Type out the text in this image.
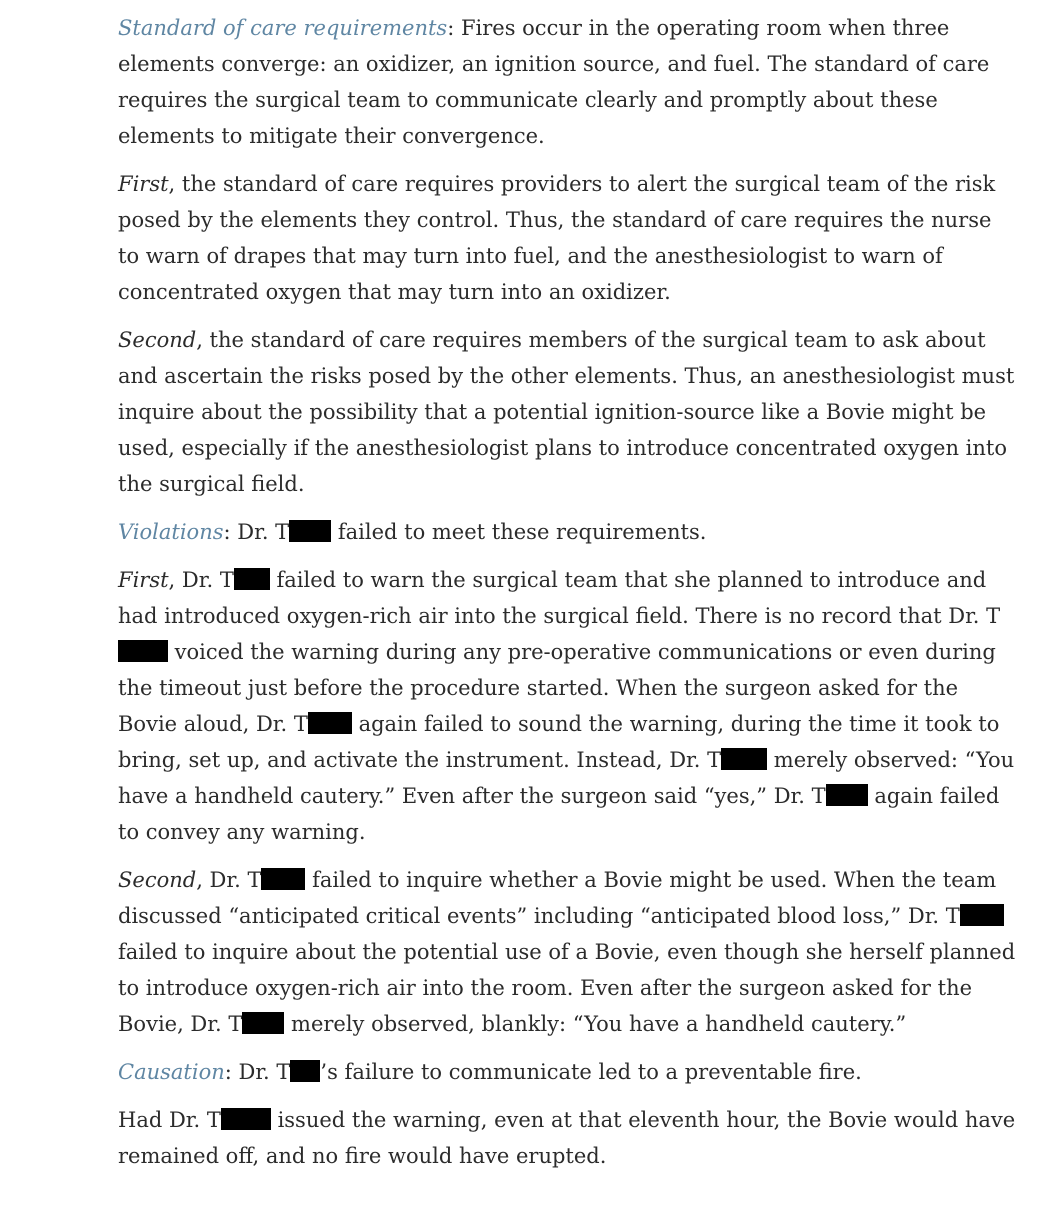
Standard of care requirements: Fires occur in the operating room when three elements converge: an oxidizer, an ignition source, and fuel. The standard of care requires the surgical team to communicate clearly and promptly about these elements to mitigate their convergence.

First, the standard of care requires providers to alert the surgical team of the risk posed by the elements they control. Thus, the standard of care requires the nurse to warn of drapes that may turn into fuel, and the anesthesiologist to warn of concentrated oxygen that may turn into an oxidizer.

Second, the standard of care requires members of the surgical team to ask about and ascertain the risks posed by the other elements. Thus, an anesthesiologist must inquire about the possibility that a potential ignition-source like a Bovie might be used, especially if the anesthesiologist plans to introduce concentrated oxygen into the surgical field.

Violations: Dr. T failed to meet these requirements.

First, Dr. T failed to warn the surgical team that she planned to introduce and had introduced oxygen-rich air into the surgical field. There is no record that Dr. T voiced the warning during any pre-operative communications or even during the timeout just before the procedure started. When the surgeon asked for the Bovie aloud, Dr. T again failed to sound the warning, during the time it took to bring, set up, and activate the instrument. Instead, Dr. T merely observed: “You have a handheld cautery.” Even after the surgeon said “yes,” Dr. T again failed to convey any warning.

Second, Dr. T failed to inquire whether a Bovie might be used. When the team discussed “anticipated critical events” including “anticipated blood loss,” Dr. T failed to inquire about the potential use of a Bovie, even though she herself planned to introduce oxygen-rich air into the room. Even after the surgeon asked for the Bovie, Dr. T merely observed, blankly: “You have a handheld cautery.”

Causation: Dr. T ’s failure to communicate led to a preventable fire.

Had Dr. T issued the warning, even at that eleventh hour, the Bovie would have remained off, and no fire would have erupted.
